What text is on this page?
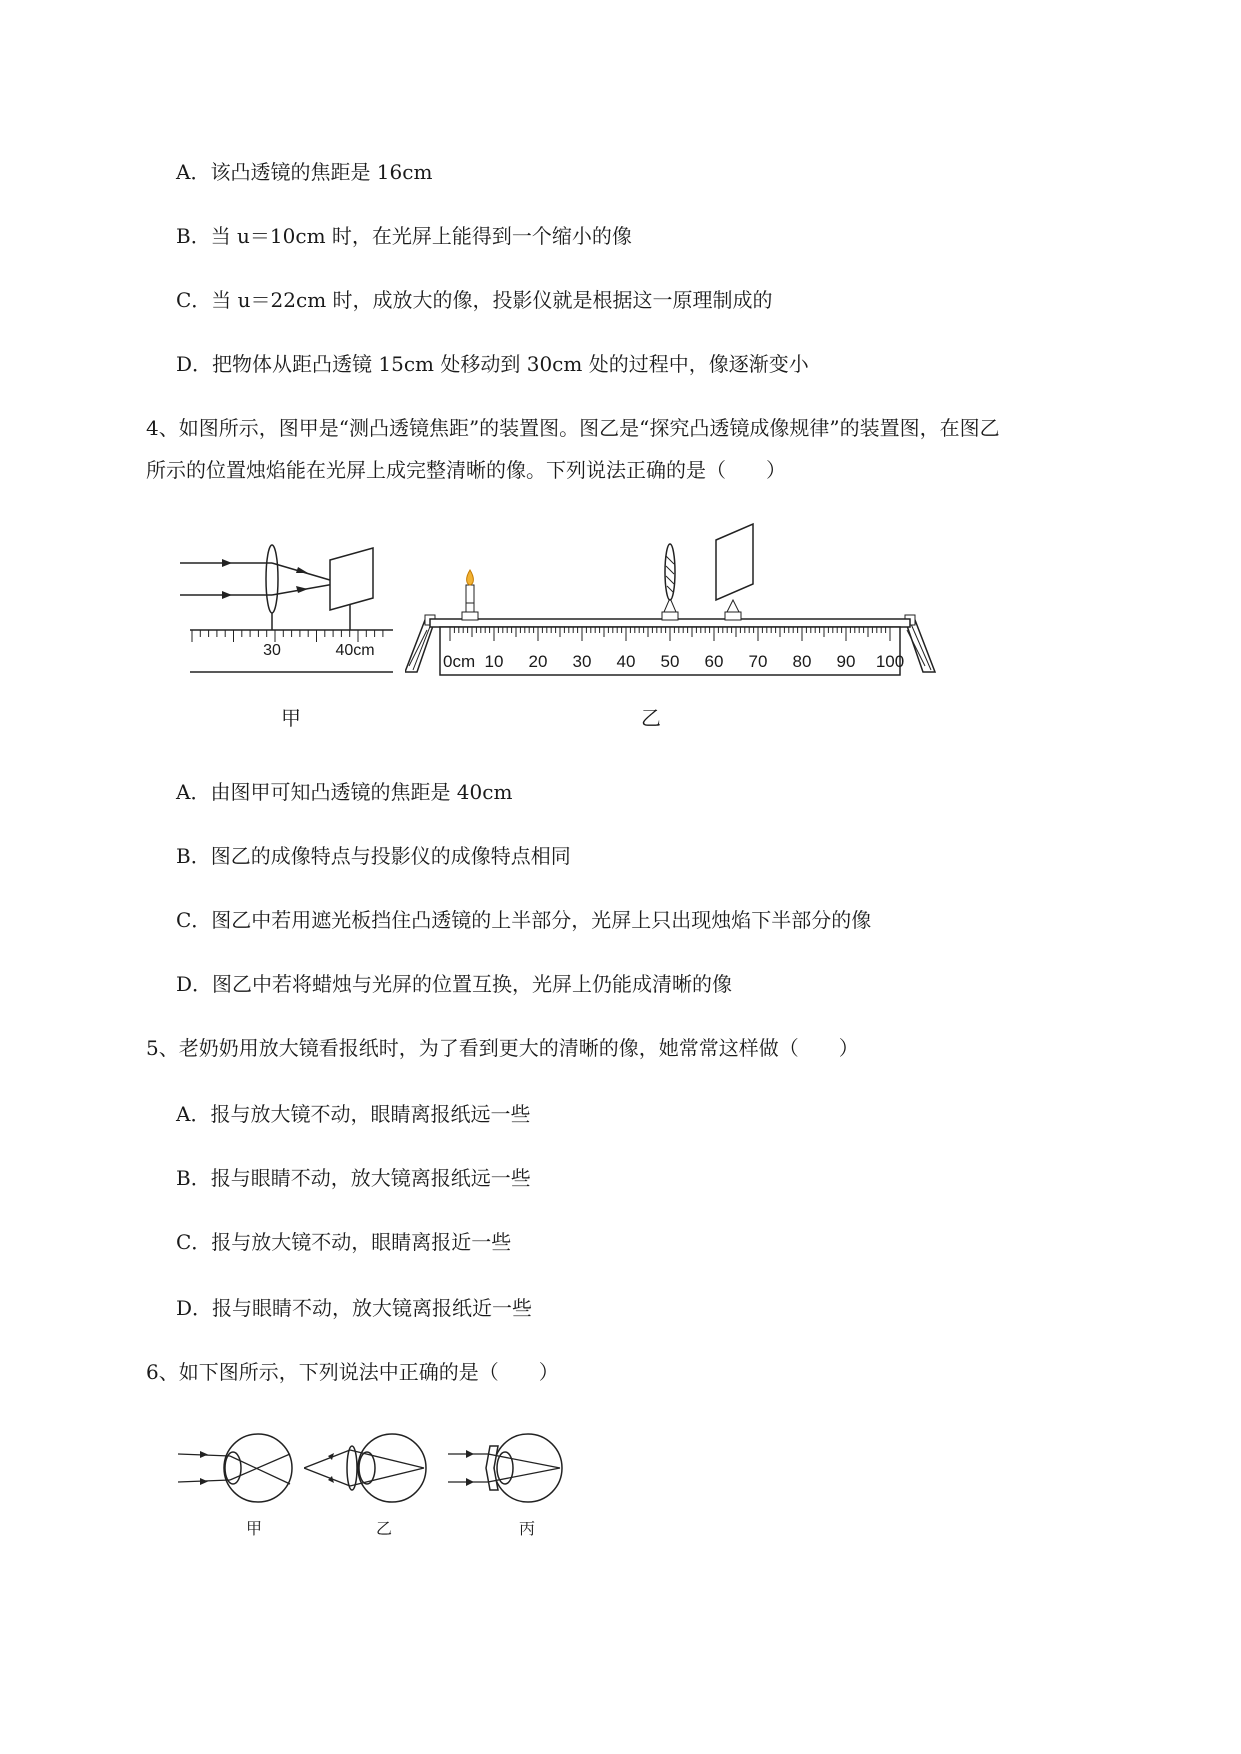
A．该凸透镜的焦距是 16cm
B．当 u＝10cm 时，在光屏上能得到一个缩小的像
C．当 u＝22cm 时，成放大的像，投影仪就是根据这一原理制成的
D．把物体从距凸透镜 15cm 处移动到 30cm 处的过程中，像逐渐变小
4、如图所示，图甲是“测凸透镜焦距”的装置图。图乙是“探究凸透镜成像规律”的装置图，在图乙
所示的位置烛焰能在光屏上成完整清晰的像。下列说法正确的是（　　）
30	40cm
甲
0cm 10 20 30 40 50 60 70 80 90 100
乙
A．由图甲可知凸透镜的焦距是 40cm
B．图乙的成像特点与投影仪的成像特点相同
C．图乙中若用遮光板挡住凸透镜的上半部分，光屏上只出现烛焰下半部分的像
D．图乙中若将蜡烛与光屏的位置互换，光屏上仍能成清晰的像
5、老奶奶用放大镜看报纸时，为了看到更大的清晰的像，她常常这样做（　　）
A．报与放大镜不动，眼睛离报纸远一些
B．报与眼睛不动，放大镜离报纸远一些
C．报与放大镜不动，眼睛离报近一些
D．报与眼睛不动，放大镜离报纸近一些
6、如下图所示，下列说法中正确的是（　　）
甲	乙	丙
